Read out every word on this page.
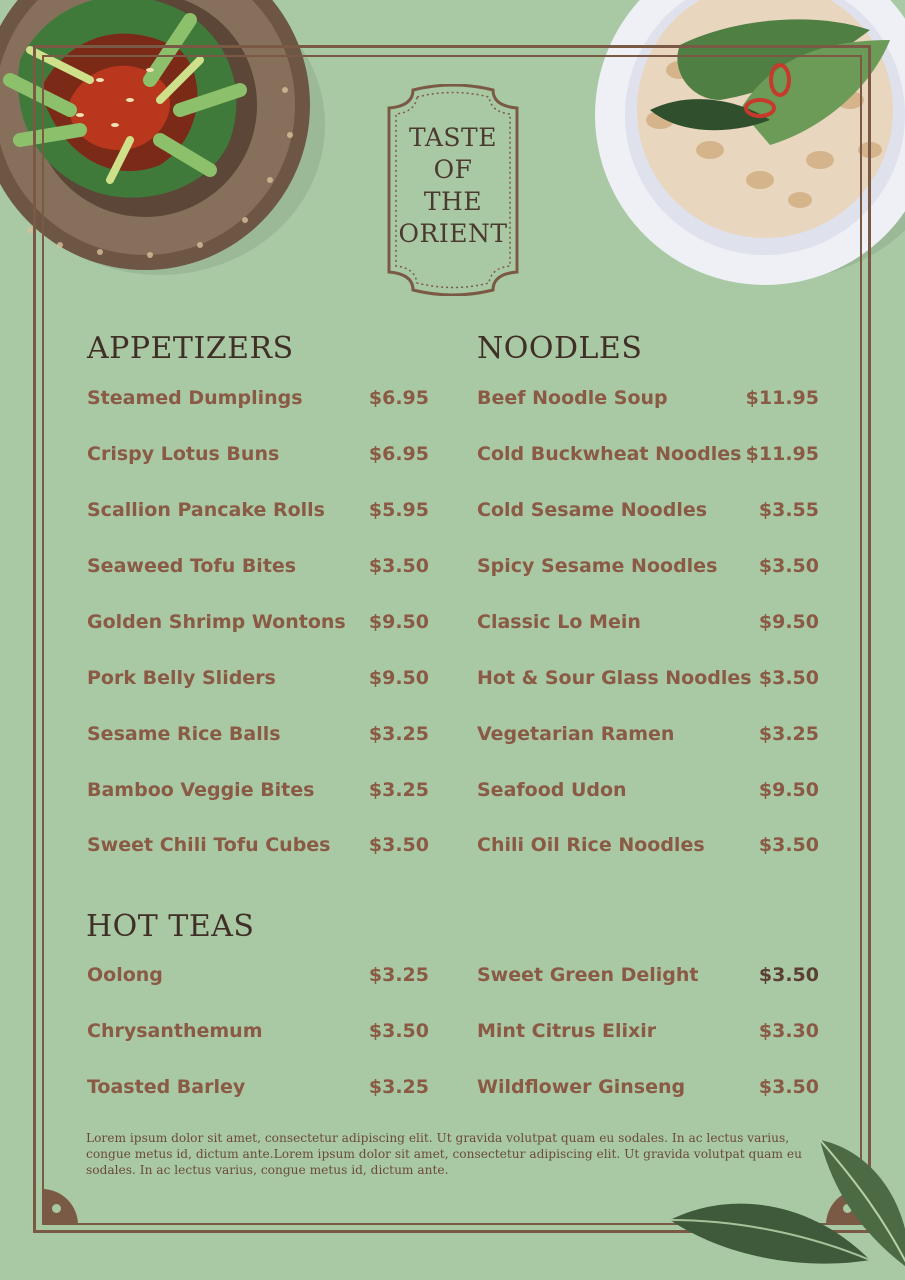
TASTE
OF
THE
ORIENT
APPETIZERS
Steamed Dumplings	$6.95
Crispy Lotus Buns	$6.95
Scallion Pancake Rolls $5.95
Seaweed Tofu Bites	$3.50
Golden Shrimp Wontons $9.50
Pork Belly Sliders	$9.50
Sesame Rice Balls	$3.25
Bamboo Veggie Bites	$3.25
Sweet Chili Tofu Cubes $3.50
NOODLES
Beef Noodle Soup	$11.95
Cold Buckwheat Noodles $11.95
Cold Sesame Noodles	$3.55
Spicy Sesame Noodles $3.50
Classic Lo Mein	$9.50
Hot & Sour Glass Noodles $3.50
Vegetarian Ramen	$3.25
Seafood Udon	$9.50
Chili Oil Rice Noodles	$3.50
HOT TEAS
Oolong	$3.25
Chrysanthemum	$3.50
Toasted Barley	$3.25
Sweet Green Delight	$3.50
Mint Citrus Elixir	$3.30
Wildflower Ginseng	$3.50

Lorem ipsum dolor sit amet, consectetur adipiscing elit. Ut gravida volutpat quam eu sodales. In ac lectus varius, congue metus id, dictum ante.Lorem ipsum dolor sit amet, consectetur adipiscing elit. Ut gravida volutpat quam eu sodales. In ac lectus varius, congue metus id, dictum ante.
